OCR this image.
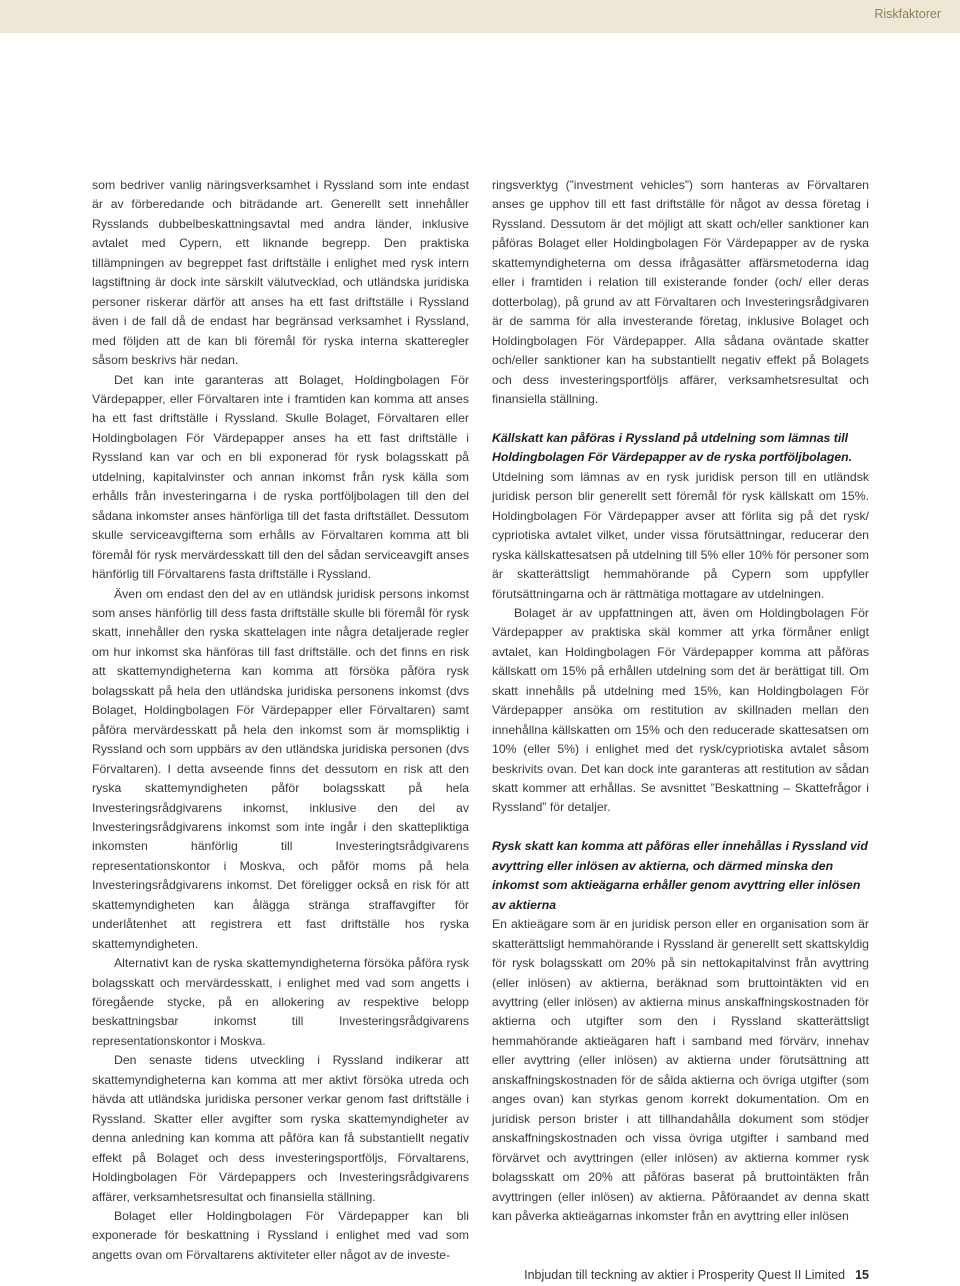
Riskfaktorer

som bedriver vanlig näringsverksamhet i Ryssland som inte endast är av förberedande och biträdande art. Generellt sett innehåller Rysslands dubbelbeskattningsavtal med andra länder, inklusive avtalet med Cypern, ett liknande begrepp. Den praktiska tillämpningen av begreppet fast driftställe i enlighet med rysk intern lagstiftning är dock inte särskilt välutvecklad, och utländska juridiska personer riskerar därför att anses ha ett fast driftställe i Ryssland även i de fall då de endast har begränsad verksamhet i Ryssland, med följden att de kan bli föremål för ryska interna skatteregler såsom beskrivs här nedan.

Det kan inte garanteras att Bolaget, Holdingbolagen För Värdepapper, eller Förvaltaren inte i framtiden kan komma att anses ha ett fast driftställe i Ryssland. Skulle Bolaget, Förvaltaren eller Holdingbolagen För Värdepapper anses ha ett fast driftställe i Ryssland kan var och en bli exponerad för rysk bolagsskatt på utdelning, kapitalvinster och annan inkomst från rysk källa som erhålls från investeringarna i de ryska portföljbolagen till den del sådana inkomster anses hänförliga till det fasta driftstället. Dessutom skulle serviceavgifterna som erhålls av Förvaltaren komma att bli föremål för rysk mervärdesskatt till den del sådan serviceavgift anses hänförlig till Förvaltarens fasta driftställe i Ryssland.

Även om endast den del av en utländsk juridisk persons inkomst som anses hänförlig till dess fasta driftställe skulle bli föremål för rysk skatt, innehåller den ryska skattelagen inte några detaljerade regler om hur inkomst ska hänföras till fast driftställe. och det finns en risk att skattemyndigheterna kan komma att försöka påföra rysk bolagsskatt på hela den utländska juridiska personens inkomst (dvs Bolaget, Holdingbolagen För Värdepapper eller Förvaltaren) samt påföra mervärdesskatt på hela den inkomst som är momspliktig i Ryssland och som uppbärs av den utländska juridiska personen (dvs Förvaltaren). I detta avseende finns det dessutom en risk att den ryska skattemyndigheten påför bolagsskatt på hela Investeringsrådgivarens inkomst, inklusive den del av Investeringsrådgivarens inkomst som inte ingår i den skattepliktiga inkomsten hänförlig till Investeringtsrådgivarens representationskontor i Moskva, och påför moms på hela Investeringsrådgivarens inkomst. Det föreligger också en risk för att skattemyndigheten kan ålägga stränga straffavgifter för underlåtenhet att registrera ett fast driftställe hos ryska skattemyndigheten.

Alternativt kan de ryska skattemyndigheterna försöka påföra rysk bolagsskatt och mervärdesskatt, i enlighet med vad som angetts i föregående stycke, på en allokering av respektive belopp beskattningsbar inkomst till Investeringsrådgivarens representationskontor i Moskva.

Den senaste tidens utveckling i Ryssland indikerar att skattemyndigheterna kan komma att mer aktivt försöka utreda och hävda att utländska juridiska personer verkar genom fast driftställe i Ryssland. Skatter eller avgifter som ryska skattemyndigheter av denna anledning kan komma att påföra kan få substantiellt negativ effekt på Bolaget och dess investeringsportföljs, Förvaltarens, Holdingbolagen För Värdepappers och Investeringsrådgivarens affärer, verksamhetsresultat och finansiella ställning.

Bolaget eller Holdingbolagen För Värdepapper kan bli exponerade för beskattning i Ryssland i enlighet med vad som angetts ovan om Förvaltarens aktiviteter eller något av de investe-

ringsverktyg (”investment vehicles”) som hanteras av Förvaltaren anses ge upphov till ett fast driftställe för något av dessa företag i Ryssland. Dessutom är det möjligt att skatt och/eller sanktioner kan påföras Bolaget eller Holdingbolagen För Värdepapper av de ryska skattemyndigheterna om dessa ifrågasätter affärsmetoderna idag eller i framtiden i relation till existerande fonder (och/ eller deras dotterbolag), på grund av att Förvaltaren och Investeringsrådgivaren är de samma för alla investerande företag, inklusive Bolaget och Holdingbolagen För Värdepapper. Alla sådana oväntade skatter och/eller sanktioner kan ha substantiellt negativ effekt på Bolagets och dess investeringsportföljs affärer, verksamhetsresultat och finansiella ställning.

Källskatt kan påföras i Ryssland på utdelning som lämnas till Holdingbolagen För Värdepapper av de ryska portföljbolagen.

Utdelning som lämnas av en rysk juridisk person till en utländsk juridisk person blir generellt sett föremål för rysk källskatt om 15%. Holdingbolagen För Värdepapper avser att förlita sig på det rysk/ cypriotiska avtalet vilket, under vissa förutsättningar, reducerar den ryska källskattesatsen på utdelning till 5% eller 10% för personer som är skatterättsligt hemmahörande på Cypern som uppfyller förutsättningarna och är rättmätiga mottagare av utdelningen.

Bolaget är av uppfattningen att, även om Holdingbolagen För Värdepapper av praktiska skäl kommer att yrka förmåner enligt avtalet, kan Holdingbolagen För Värdepapper komma att påföras källskatt om 15% på erhållen utdelning som det är berättigat till. Om skatt innehålls på utdelning med 15%, kan Holdingbolagen För Värdepapper ansöka om restitution av skillnaden mellan den innehållna källskatten om 15% och den reducerade skattesatsen om 10% (eller 5%) i enlighet med det rysk/cypriotiska avtalet såsom beskrivits ovan. Det kan dock inte garanteras att restitution av sådan skatt kommer att erhållas. Se avsnittet ”Beskattning – Skattefrågor i Ryssland” för detaljer.

Rysk skatt kan komma att påföras eller innehållas i Ryssland vid avyttring eller inlösen av aktierna, och därmed minska den inkomst som aktieägarna erhåller genom avyttring eller inlösen av aktierna

En aktieägare som är en juridisk person eller en organisation som är skatterättsligt hemmahörande i Ryssland är generellt sett skattskyldig för rysk bolagsskatt om 20% på sin nettokapitalvinst från avyttring (eller inlösen) av aktierna, beräknad som bruttointäkten vid en avyttring (eller inlösen) av aktierna minus anskaffningskostnaden för aktierna och utgifter som den i Ryssland skatterättsligt hemmahörande aktieägaren haft i samband med förvärv, innehav eller avyttring (eller inlösen) av aktierna under förutsättning att anskaffningskostnaden för de sålda aktierna och övriga utgifter (som anges ovan) kan styrkas genom korrekt dokumentation. Om en juridisk person brister i att tillhandahålla dokument som stödjer anskaffningskostnaden och vissa övriga utgifter i samband med förvärvet och avyttringen (eller inlösen) av aktierna kommer rysk bolagsskatt om 20% att påföras baserat på bruttointäkten från avyttringen (eller inlösen) av aktierna. Påföraandet av denna skatt kan påverka aktieägarnas inkomster från en avyttring eller inlösen

Inbjudan till teckning av aktier i Prosperity Quest II Limited 15
